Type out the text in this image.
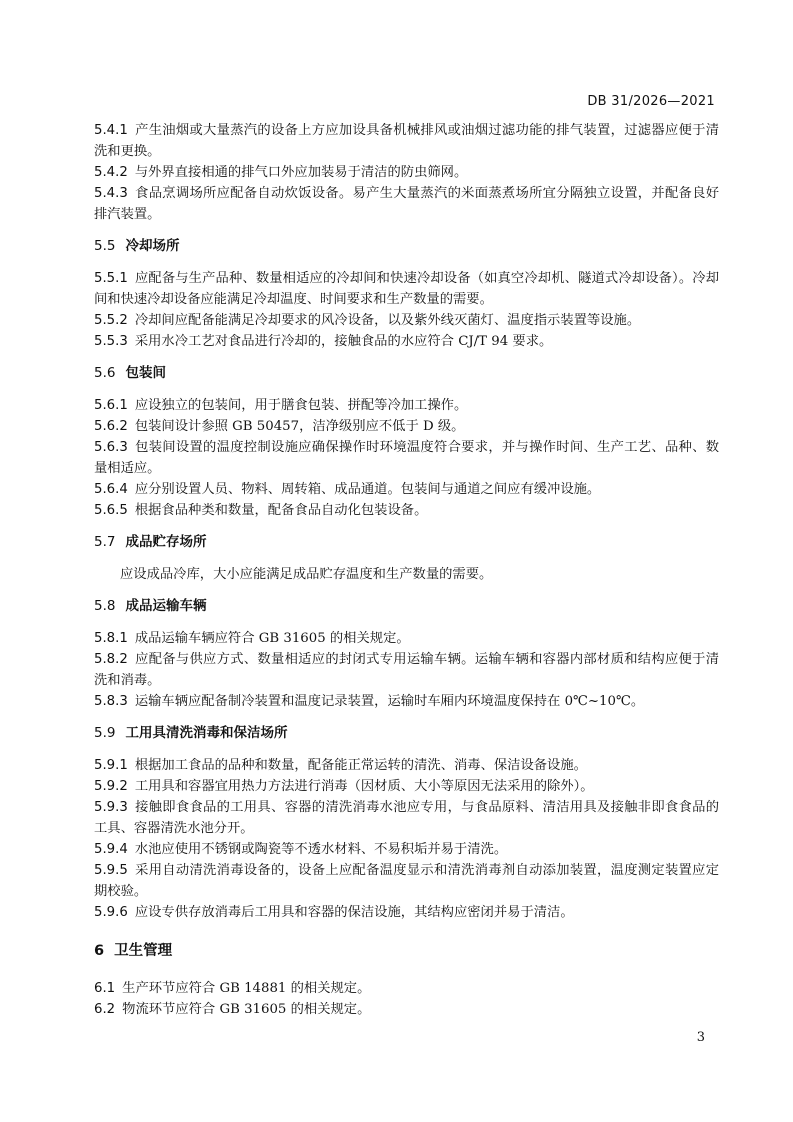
DB 31/2026—2021
5.4.1 产生油烟或大量蒸汽的设备上方应加设具备机械排风或油烟过滤功能的排气装置，过滤器应便于清洗和更换。
5.4.2 与外界直接相通的排气口外应加装易于清洁的防虫筛网。
5.4.3 食品烹调场所应配备自动炊饭设备。易产生大量蒸汽的米面蒸煮场所宜分隔独立设置，并配备良好排汽装置。
5.5 冷却场所
5.5.1 应配备与生产品种、数量相适应的冷却间和快速冷却设备（如真空冷却机、隧道式冷却设备）。冷却间和快速冷却设备应能满足冷却温度、时间要求和生产数量的需要。
5.5.2 冷却间应配备能满足冷却要求的风冷设备，以及紫外线灭菌灯、温度指示装置等设施。
5.5.3 采用水冷工艺对食品进行冷却的，接触食品的水应符合 CJ/T 94 要求。
5.6 包装间
5.6.1 应设独立的包装间，用于膳食包装、拼配等冷加工操作。
5.6.2 包装间设计参照 GB 50457，洁净级别应不低于 D 级。
5.6.3 包装间设置的温度控制设施应确保操作时环境温度符合要求，并与操作时间、生产工艺、品种、数量相适应。
5.6.4 应分别设置人员、物料、周转箱、成品通道。包装间与通道之间应有缓冲设施。
5.6.5 根据食品种类和数量，配备食品自动化包装设备。
5.7 成品贮存场所
应设成品冷库，大小应能满足成品贮存温度和生产数量的需要。
5.8 成品运输车辆
5.8.1 成品运输车辆应符合 GB 31605 的相关规定。
5.8.2 应配备与供应方式、数量相适应的封闭式专用运输车辆。运输车辆和容器内部材质和结构应便于清洗和消毒。
5.8.3 运输车辆应配备制冷装置和温度记录装置，运输时车厢内环境温度保持在 0℃~10℃。
5.9 工用具清洗消毒和保洁场所
5.9.1 根据加工食品的品种和数量，配备能正常运转的清洗、消毒、保洁设备设施。
5.9.2 工用具和容器宜用热力方法进行消毒（因材质、大小等原因无法采用的除外）。
5.9.3 接触即食食品的工用具、容器的清洗消毒水池应专用，与食品原料、清洁用具及接触非即食食品的工具、容器清洗水池分开。
5.9.4 水池应使用不锈钢或陶瓷等不透水材料、不易积垢并易于清洗。
5.9.5 采用自动清洗消毒设备的，设备上应配备温度显示和清洗消毒剂自动添加装置，温度测定装置应定期校验。
5.9.6 应设专供存放消毒后工用具和容器的保洁设施，其结构应密闭并易于清洁。
6 卫生管理
6.1 生产环节应符合 GB 14881 的相关规定。
6.2 物流环节应符合 GB 31605 的相关规定。
3
